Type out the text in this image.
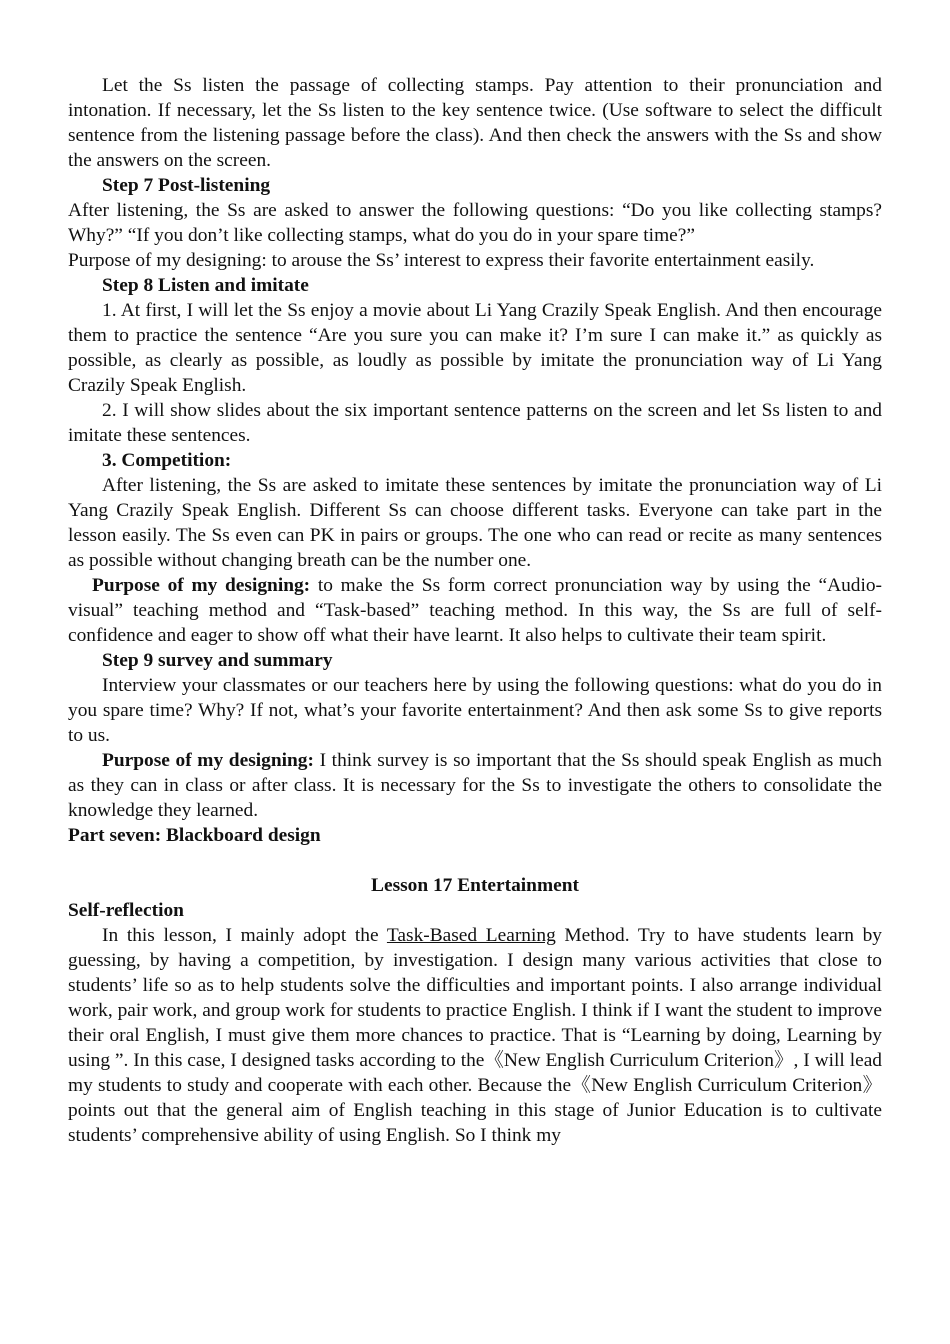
Let the Ss listen the passage of collecting stamps. Pay attention to their pronunciation and intonation. If necessary, let the Ss listen to the key sentence twice. (Use software to select the difficult sentence from the listening passage before the class). And then check the answers with the Ss and show the answers on the screen.

Step 7 Post-listening

After listening, the Ss are asked to answer the following questions: “Do you like collecting stamps? Why?” “If you don’t like collecting stamps, what do you do in your spare time?”

Purpose of my designing: to arouse the Ss’ interest to express their favorite entertainment easily.

Step 8 Listen and imitate

1. At first, I will let the Ss enjoy a movie about Li Yang Crazily Speak English. And then encourage them to practice the sentence “Are you sure you can make it? I’m sure I can make it.” as quickly as possible, as clearly as possible, as loudly as possible by imitate the pronunciation way of Li Yang Crazily Speak English.

2. I will show slides about the six important sentence patterns on the screen and let Ss listen to and imitate these sentences.

3. Competition:

After listening, the Ss are asked to imitate these sentences by imitate the pronunciation way of Li Yang Crazily Speak English. Different Ss can choose different tasks. Everyone can take part in the lesson easily. The Ss even can PK in pairs or groups. The one who can read or recite as many sentences as possible without changing breath can be the number one.

Purpose of my designing: to make the Ss form correct pronunciation way by using the “Audio-visual” teaching method and “Task-based” teaching method. In this way, the Ss are full of self-confidence and eager to show off what their have learnt. It also helps to cultivate their team spirit.

Step 9 survey and summary

Interview your classmates or our teachers here by using the following questions: what do you do in you spare time? Why? If not, what’s your favorite entertainment? And then ask some Ss to give reports to us.

Purpose of my designing: I think survey is so important that the Ss should speak English as much as they can in class or after class. It is necessary for the Ss to investigate the others to consolidate the knowledge they learned.

Part seven: Blackboard design

Lesson 17 Entertainment

Self-reflection

In this lesson, I mainly adopt the Task-Based Learning Method. Try to have students learn by guessing, by having a competition, by investigation. I design many various activities that close to students’ life so as to help students solve the difficulties and important points. I also arrange individual work, pair work, and group work for students to practice English. I think if I want the student to improve their oral English, I must give them more chances to practice. That is “Learning by doing, Learning by using ”. In this case, I designed tasks according to the《New English Curriculum Criterion》, I will lead my students to study and cooperate with each other. Because the《New English Curriculum Criterion》 points out that the general aim of English teaching in this stage of Junior Education is to cultivate students’ comprehensive ability of using English. So I think my
